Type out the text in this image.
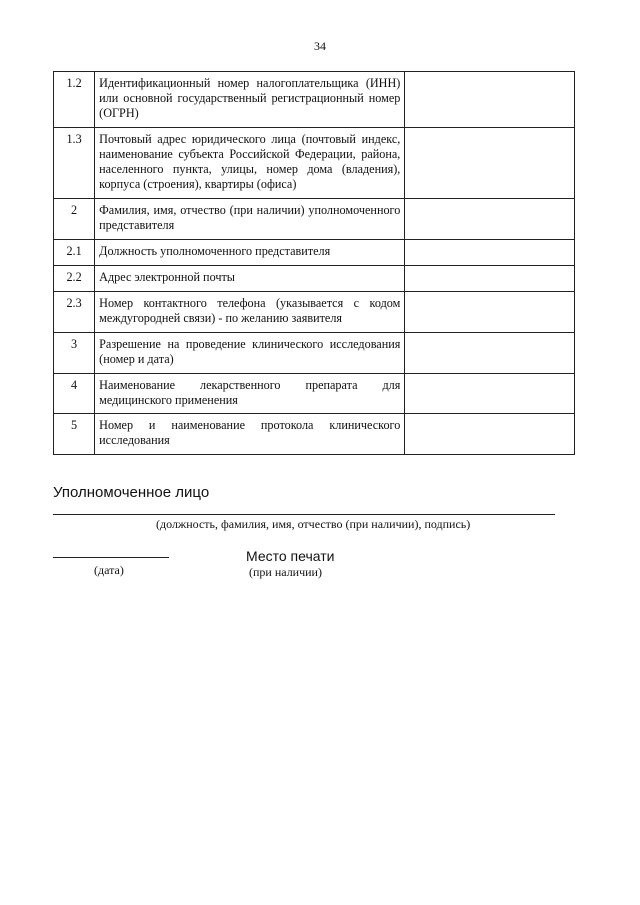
34
1.2	Идентификационный номер налогоплательщика (ИНН) или основной государственный регистрационный номер (ОГРН)	
1.3	Почтовый адрес юридического лица (почтовый индекс, наименование субъекта Российской Федерации, района, населенного пункта, улицы, номер дома (владения), корпуса (строения), квартиры (офиса)	
2	Фамилия, имя, отчество (при наличии) уполномоченного представителя	
2.1	Должность уполномоченного представителя	
2.2	Адрес электронной почты	
2.3	Номер контактного телефона (указывается с кодом междугородней связи) - по желанию заявителя	
3	Разрешение на проведение клинического исследования (номер и дата)	
4	Наименование лекарственного препарата для медицинского применения	
5	Номер и наименование протокола клинического исследования	
Уполномоченное лицо
(должность, фамилия, имя, отчество (при наличии), подпись)
(дата)
Место печати
(при наличии)
